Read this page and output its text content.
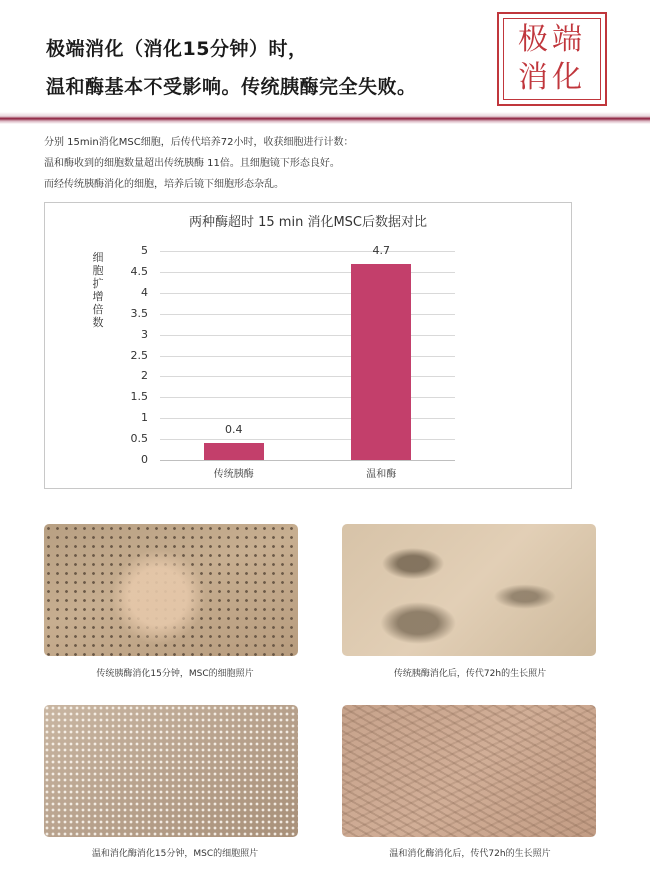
极端消化（消化15分钟）时，
温和酶基本不受影响。传统胰酶完全失败。
极端
消化

分别 15min消化MSC细胞，后传代培养72小时，收获细胞进行计数：

温和酶收到的细胞数量超出传统胰酶 11倍。且细胞镜下形态良好。

而经传统胰酶消化的细胞，培养后镜下细胞形态杂乱。

两种酶超时 15 min 消化MSC后数据对比
细胞扩增倍数
0
0.5
1
1.5
2
2.5
3
3.5
4
4.5
5
0.4
传统胰酶
4.7
温和酶
传统胰酶消化15分钟，MSC的细胞照片	传统胰酶消化后，传代72h的生长照片
温和消化酶消化15分钟，MSC的细胞照片	温和消化酶消化后，传代72h的生长照片
